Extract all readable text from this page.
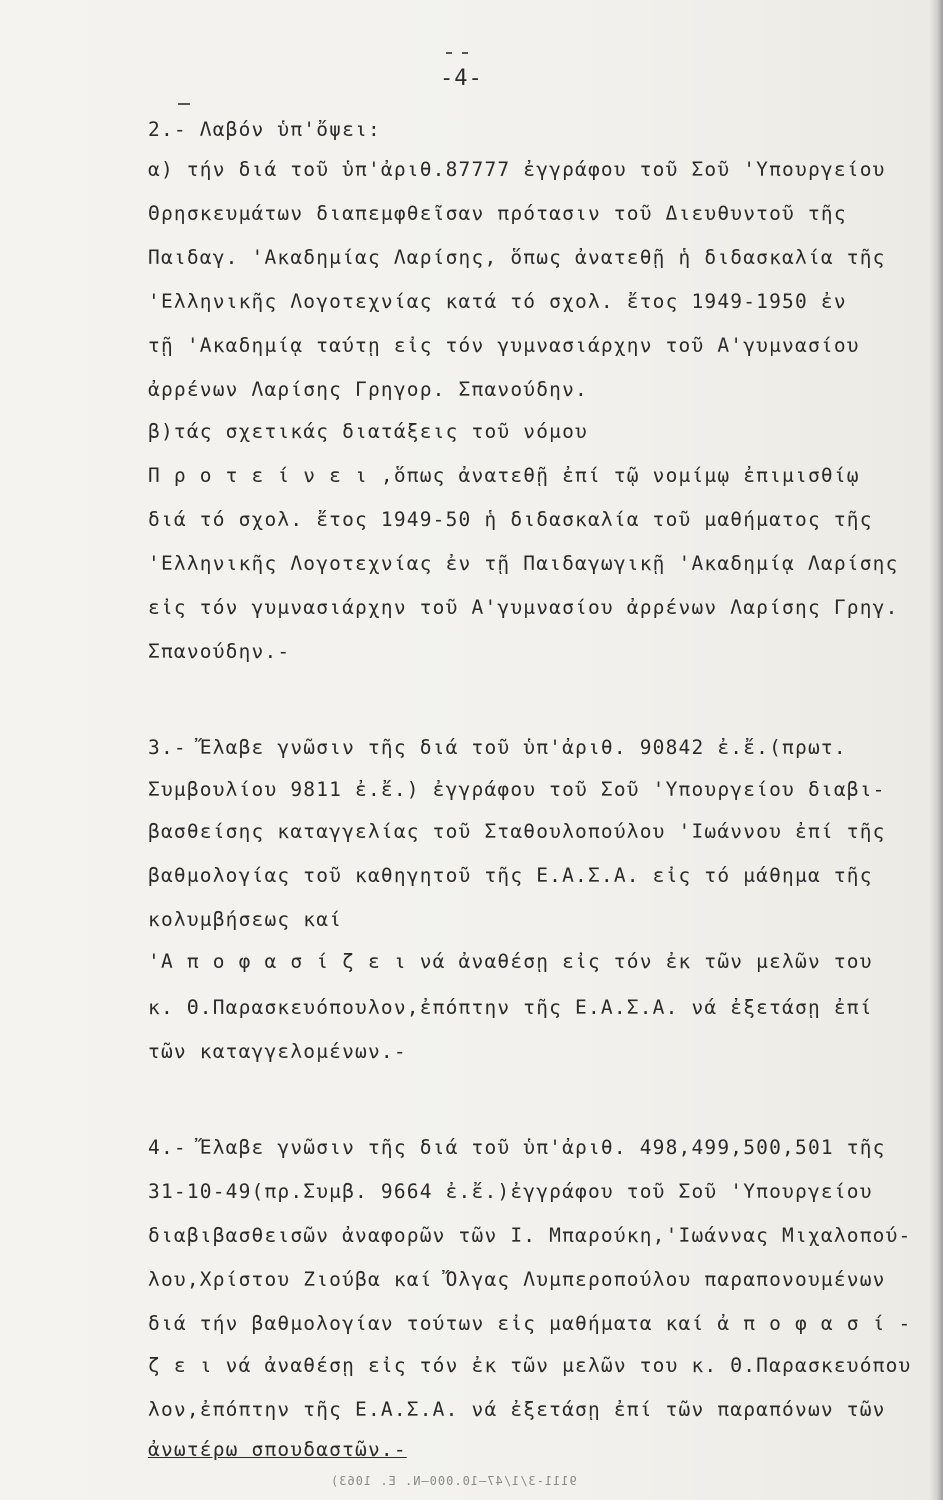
-4-
2.- Λαβόν ὑπ'ὄψει:
α) τήν διά τοῦ ὑπ'ἀριθ.87777 ἐγγράφου τοῦ Σοῦ 'Υπουργείου
Θρησκευμάτων διαπεμφθεῖσαν πρότασιν τοῦ Διευθυντοῦ τῆς
Παιδαγ. 'Ακαδημίας Λαρίσης, ὅπως ἀνατεθῇ ἡ διδασκαλία τῆς
'Ελληνικῆς Λογοτεχνίας κατά τό σχολ. ἔτος 1949-1950 ἐν
τῇ 'Ακαδημίᾳ ταύτῃ εἰς τόν γυμνασιάρχην τοῦ Α'γυμνασίου
ἀρρένων Λαρίσης Γρηγορ. Σπανούδην.
β)τάς σχετικάς διατάξεις τοῦ νόμου
Π ρ ο τ ε ί ν ε ι ,ὅπως ἀνατεθῇ ἐπί τῷ νομίμῳ ἐπιμισθίῳ
διά τό σχολ. ἔτος 1949-50 ἡ διδασκαλία τοῦ μαθήματος τῆς
'Ελληνικῆς Λογοτεχνίας ἐν τῇ Παιδαγωγικῇ 'Ακαδημίᾳ Λαρίσης
εἰς τόν γυμνασιάρχην τοῦ Α'γυμνασίου ἀρρένων Λαρίσης Γρηγ.
Σπανούδην.-
3.- Ἔλαβε γνῶσιν τῆς διά τοῦ ὑπ'ἀριθ. 90842 ἐ.ἔ.(πρωτ.
Συμβουλίου 9811 ἐ.ἔ.) ἐγγράφου τοῦ Σοῦ 'Υπουργείου διαβι-
βασθείσης καταγγελίας τοῦ Σταθουλοπούλου 'Ιωάννου ἐπί τῆς
βαθμολογίας τοῦ καθηγητοῦ τῆς Ε.Α.Σ.Α. εἰς τό μάθημα τῆς
κολυμβήσεως καί
'Α π ο φ α σ ί ζ ε ι νά ἀναθέσῃ εἰς τόν ἐκ τῶν μελῶν του
κ. Θ.Παρασκευόπουλον,ἐπόπτην τῆς Ε.Α.Σ.Α. νά ἐξετάσῃ ἐπί
τῶν καταγγελομένων.-
4.- Ἔλαβε γνῶσιν τῆς διά τοῦ ὑπ'ἀριθ. 498,499,500,501 τῆς
31-10-49(πρ.Συμβ. 9664 ἐ.ἔ.)ἐγγράφου τοῦ Σοῦ 'Υπουργείου
διαβιβασθεισῶν ἀναφορῶν τῶν Ι. Μπαρούκη,'Ιωάννας Μιχαλοπού-
λου,Χρίστου Ζιούβα καί Ὄλγας Λυμπεροπούλου παραπονουμένων
διά τήν βαθμολογίαν τούτων εἰς μαθήματα καί ἀ π ο φ α σ ί -
ζ ε ι νά ἀναθέσῃ εἰς τόν ἐκ τῶν μελῶν του κ. Θ.Παρασκευόπου
λον,ἐπόπτην τῆς Ε.Α.Σ.Α. νά ἐξετάσῃ ἐπί τῶν παραπόνων τῶν
ἀνωτέρω σπουδαστῶν.-
9111-3/1/47—10.000—Ν. Ε. 1063)
